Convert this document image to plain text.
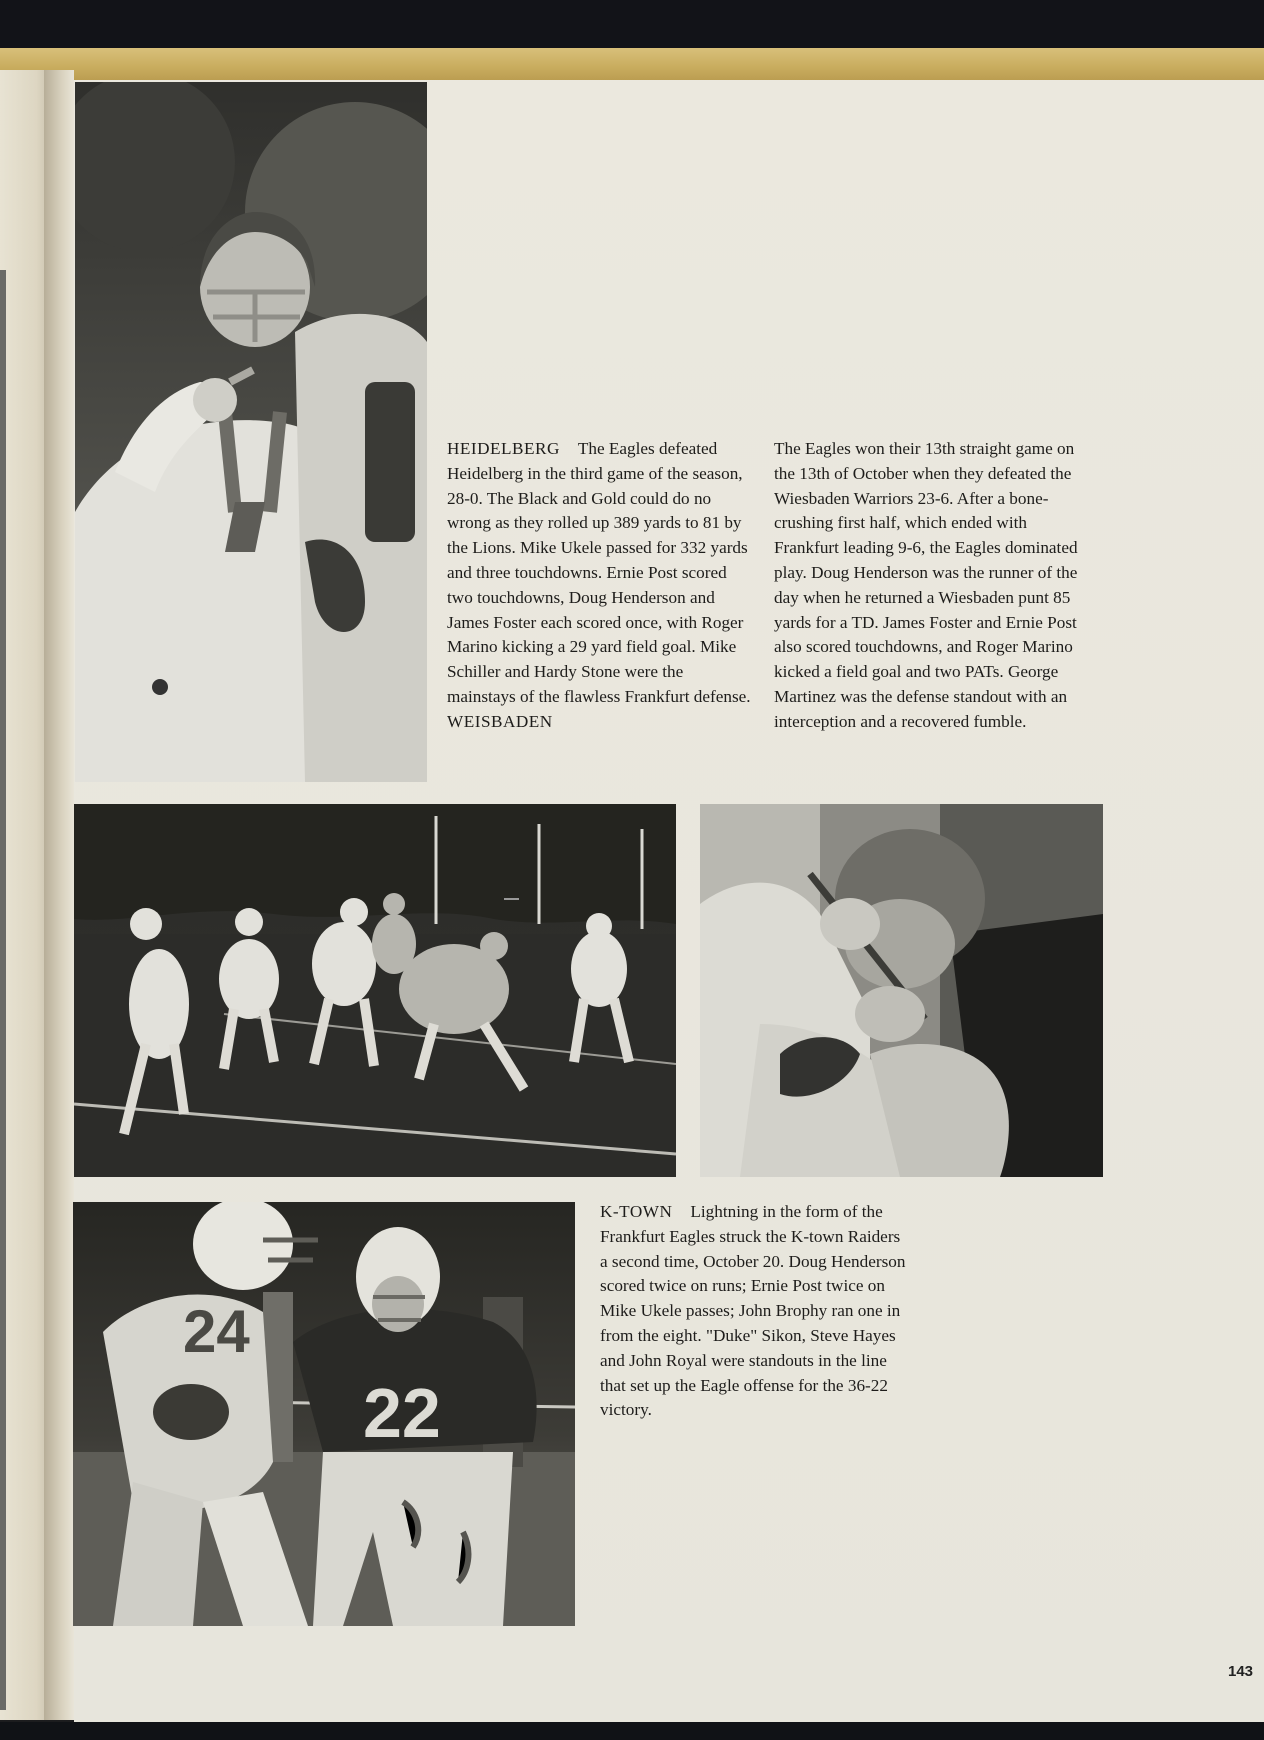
HEIDELBERG The Eagles defeated Heidelberg in the third game of the season, 28-0. The Black and Gold could do no wrong as they rolled up 389 yards to 81 by the Lions. Mike Ukele passed for 332 yards and three touchdowns. Ernie Post scored two touchdowns, Doug Henderson and James Foster each scored once, with Roger Marino kicking a 29 yard field goal. Mike Schiller and Hardy Stone were the mainstays of the flawless Frankfurt defense.

WEISBADEN

The Eagles won their 13th straight game on the 13th of October when they defeated the Wiesbaden Warriors 23-6. After a bone-crushing first half, which ended with Frankfurt leading 9-6, the Eagles dominated play. Doug Henderson was the runner of the day when he returned a Wiesbaden punt 85 yards for a TD. James Foster and Ernie Post also scored touchdowns, and Roger Marino kicked a field goal and two PATs. George Martinez was the defense standout with an interception and a recovered fumble.

22
24

K-TOWN Lightning in the form of the Frankfurt Eagles struck the K-town Raiders a second time, October 20. Doug Henderson scored twice on runs; Ernie Post twice on Mike Ukele passes; John Brophy ran one in from the eight. "Duke" Sikon, Steve Hayes and John Royal were standouts in the line that set up the Eagle offense for the 36-22 victory.

143
